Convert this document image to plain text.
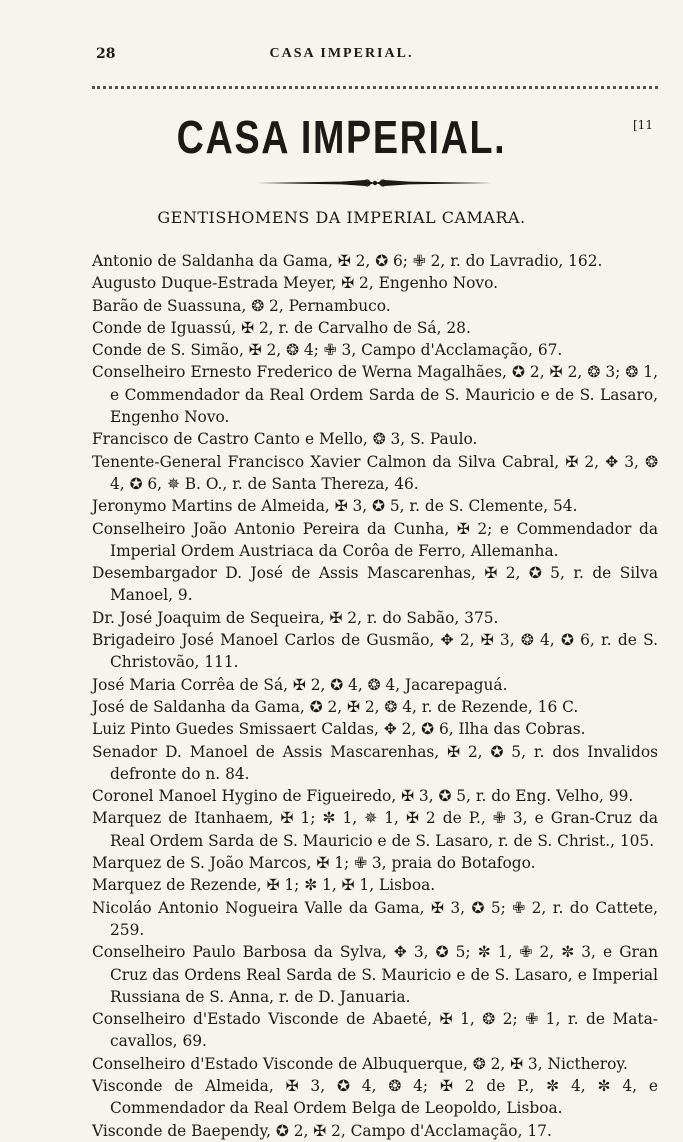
28	CASA IMPERIAL.
CASA IMPERIAL.	[11
GENTISHOMENS DA IMPERIAL CAMARA.
Antonio de Saldanha da Gama, ✠ 2, ✪ 6; ✙ 2, r. do Lavradio, 162.
Augusto Duque-Estrada Meyer, ✠ 2, Engenho Novo.
Barão de Suassuna, ❂ 2, Pernambuco.
Conde de Iguassú, ✠ 2, r. de Carvalho de Sá, 28.
Conde de S. Simão, ✠ 2, ❂ 4; ✙ 3, Campo d'Acclamação, 67.
Conselheiro Ernesto Frederico de Werna Magalhães, ✪ 2, ✠ 2, ❂ 3; ❂ 1, e Commendador da Real Ordem Sarda de S. Mauricio e de S. Lasaro, Engenho Novo.
Francisco de Castro Canto e Mello, ❂ 3, S. Paulo.
Tenente-General Francisco Xavier Calmon da Silva Cabral, ✠ 2, ✥ 3, ❂ 4, ✪ 6, ✵ B. O., r. de Santa Thereza, 46.
Jeronymo Martins de Almeida, ✠ 3, ✪ 5, r. de S. Clemente, 54.
Conselheiro João Antonio Pereira da Cunha, ✠ 2; e Commendador da Imperial Ordem Austriaca da Corôa de Ferro, Allemanha.
Desembargador D. José de Assis Mascarenhas, ✠ 2, ✪ 5, r. de Silva Manoel, 9.
Dr. José Joaquim de Sequeira, ✠ 2, r. do Sabão, 375.
Brigadeiro José Manoel Carlos de Gusmão, ✥ 2, ✠ 3, ❂ 4, ✪ 6, r. de S. Christovão, 111.
José Maria Corrêa de Sá, ✠ 2, ✪ 4, ❂ 4, Jacarepaguá.
José de Saldanha da Gama, ✪ 2, ✠ 2, ❂ 4, r. de Rezende, 16 C.
Luiz Pinto Guedes Smissaert Caldas, ✥ 2, ✪ 6, Ilha das Cobras.
Senador D. Manoel de Assis Mascarenhas, ✠ 2, ✪ 5, r. dos Invalidos defronte do n. 84.
Coronel Manoel Hygino de Figueiredo, ✠ 3, ✪ 5, r. do Eng. Velho, 99.
Marquez de Itanhaem, ✠ 1; ✼ 1, ✵ 1, ✠ 2 de P., ✙ 3, e Gran-Cruz da Real Ordem Sarda de S. Mauricio e de S. Lasaro, r. de S. Christ., 105.
Marquez de S. João Marcos, ✠ 1; ✙ 3, praia do Botafogo.
Marquez de Rezende, ✠ 1; ✼ 1, ✠ 1, Lisboa.
Nicoláo Antonio Nogueira Valle da Gama, ✠ 3, ✪ 5; ✙ 2, r. do Cattete, 259.
Conselheiro Paulo Barbosa da Sylva, ✥ 3, ✪ 5; ✼ 1, ✙ 2, ✼ 3, e Gran Cruz das Ordens Real Sarda de S. Mauricio e de S. Lasaro, e Imperial Russiana de S. Anna, r. de D. Januaria.
Conselheiro d'Estado Visconde de Abaeté, ✠ 1, ❂ 2; ✙ 1, r. de Mata-cavallos, 69.
Conselheiro d'Estado Visconde de Albuquerque, ❂ 2, ✠ 3, Nictheroy.
Visconde de Almeida, ✠ 3, ✪ 4, ❂ 4; ✠ 2 de P., ✼ 4, ✼ 4, e Commendador da Real Ordem Belga de Leopoldo, Lisboa.
Visconde de Baependy, ✪ 2, ✠ 2, Campo d'Acclamação, 17.
